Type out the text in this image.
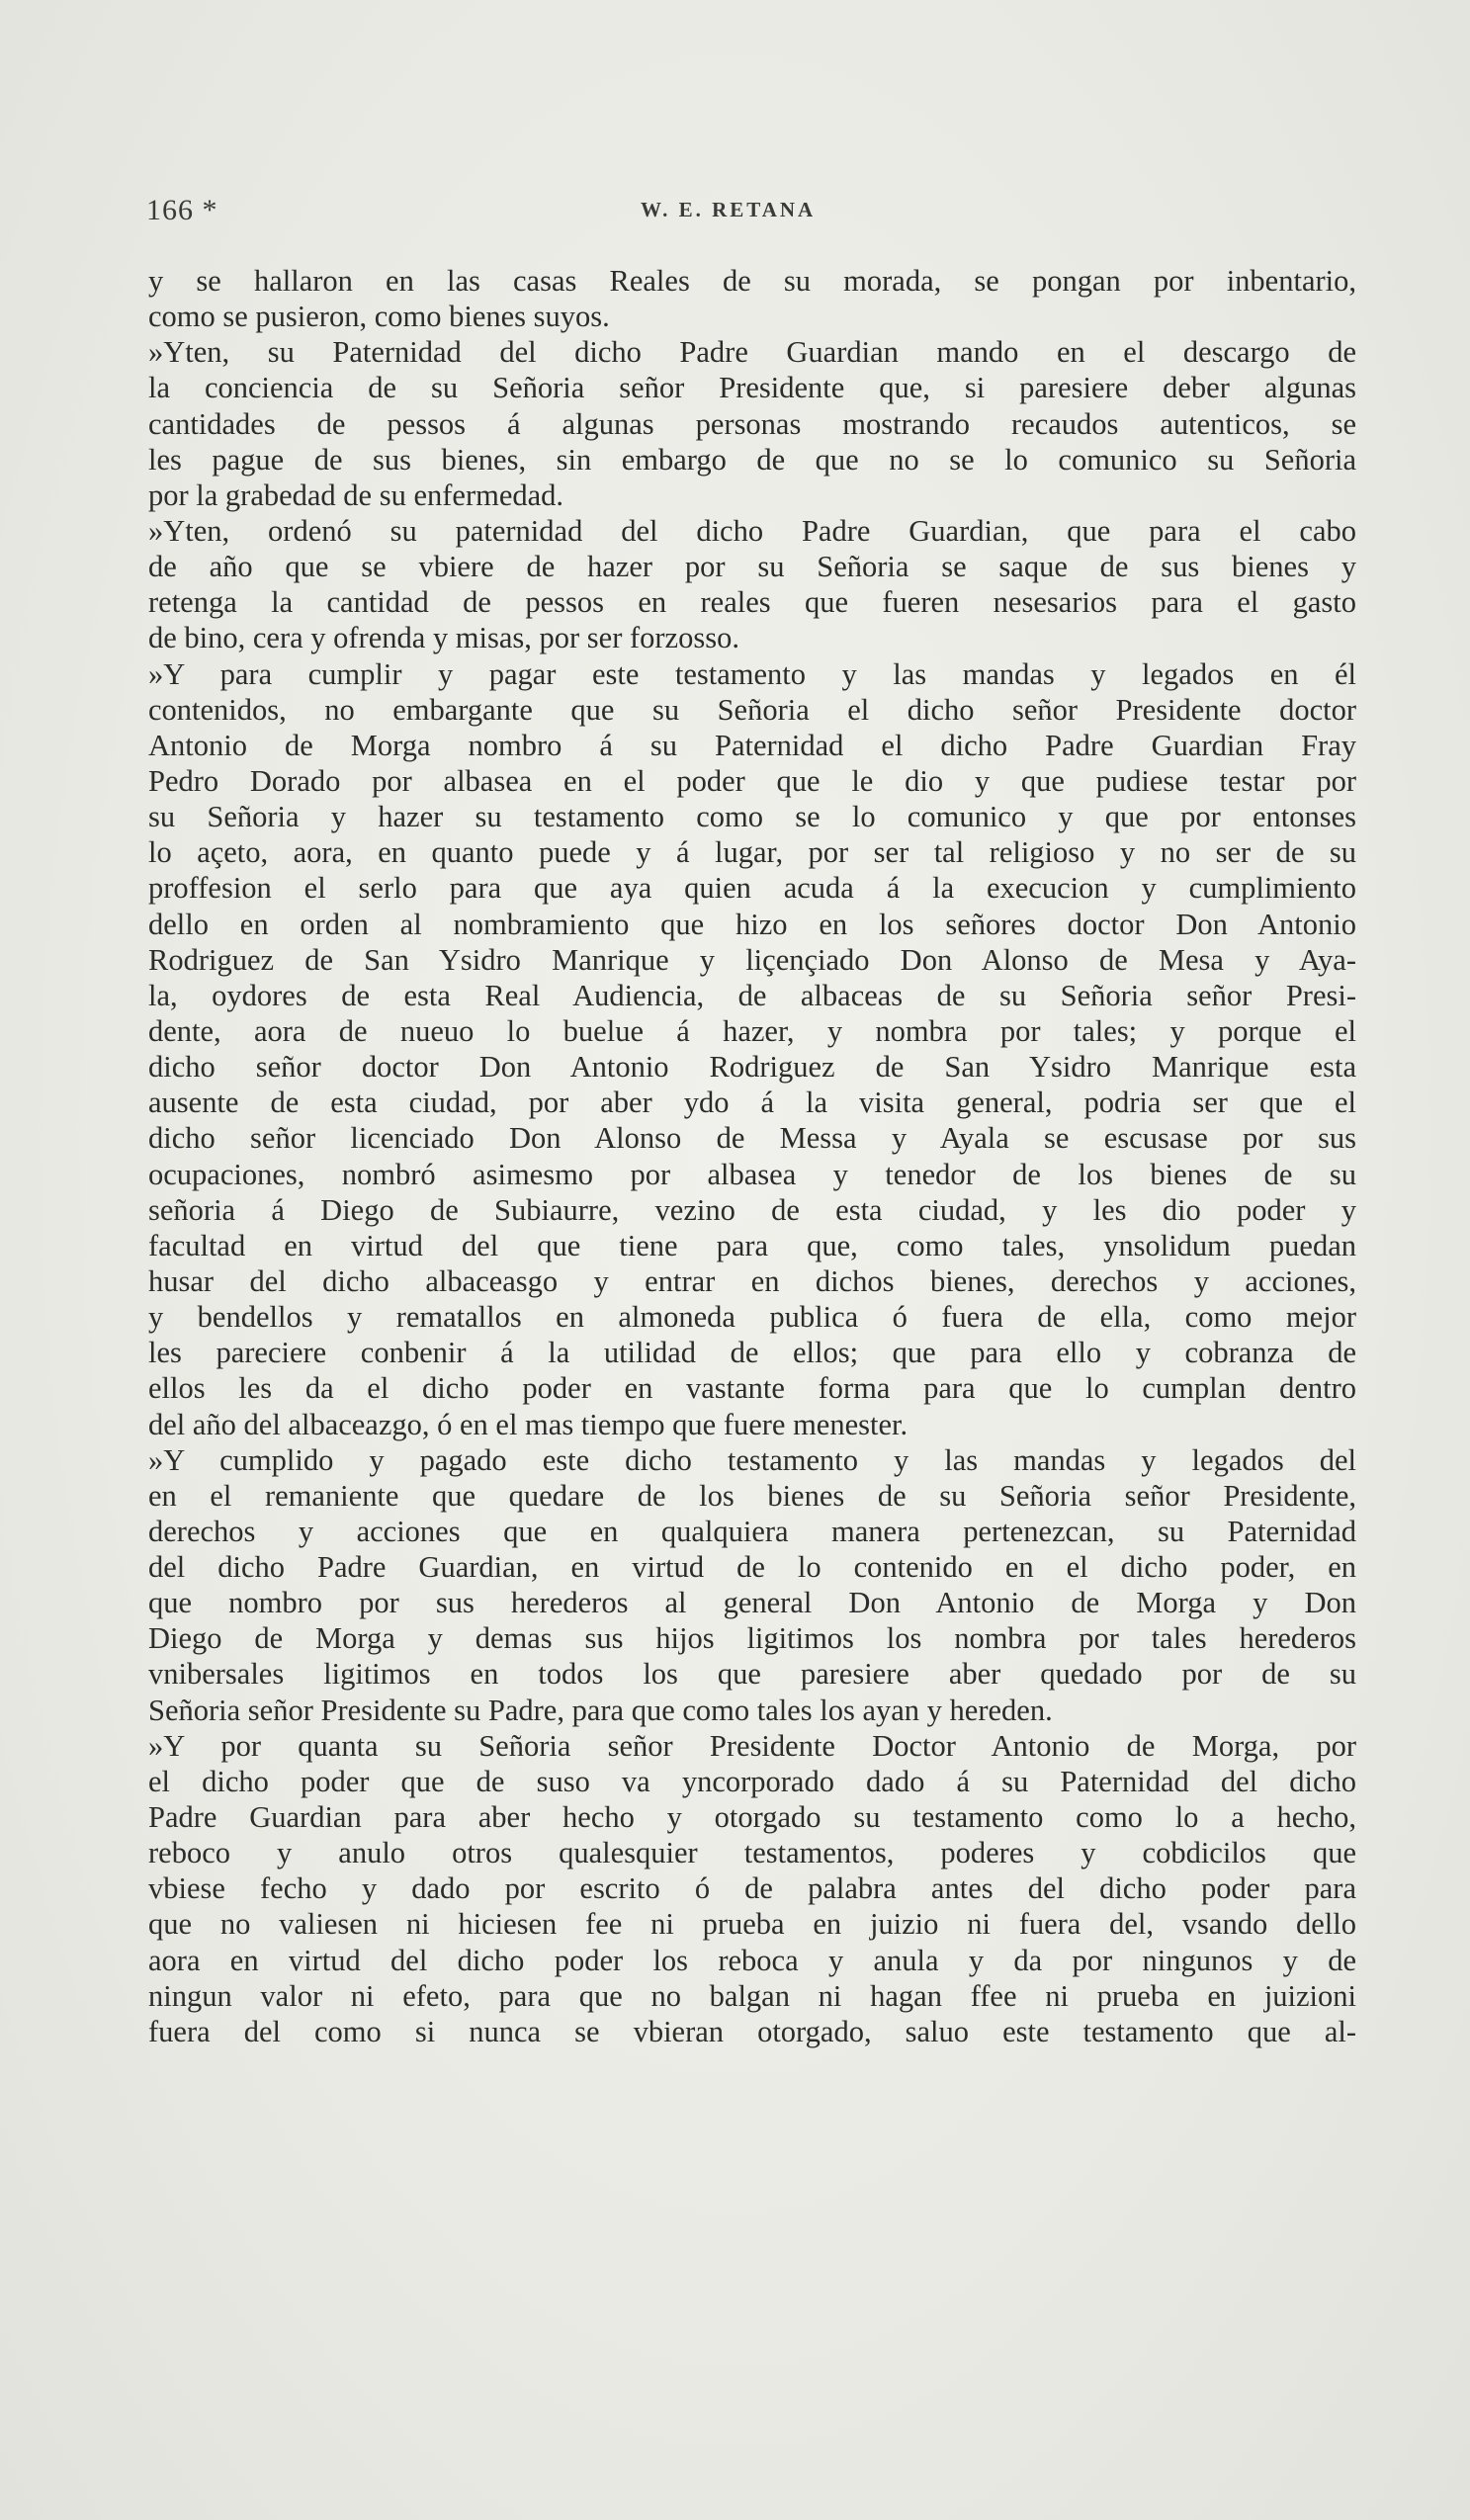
166 *	W. E. RETANA
y se hallaron en las casas Reales de su morada, se pongan por inbentario,
como se pusieron, como bienes suyos.
»Yten, su Paternidad del dicho Padre Guardian mando en el descargo de
la conciencia de su Señoria señor Presidente que, si paresiere deber algunas
cantidades de pessos á algunas personas mostrando recaudos autenticos, se
les pague de sus bienes, sin embargo de que no se lo comunico su Señoria
por la grabedad de su enfermedad.
»Yten, ordenó su paternidad del dicho Padre Guardian, que para el cabo
de año que se vbiere de hazer por su Señoria se saque de sus bienes y
retenga la cantidad de pessos en reales que fueren nesesarios para el gasto
de bino, cera y ofrenda y misas, por ser forzosso.
»Y para cumplir y pagar este testamento y las mandas y legados en él
contenidos, no embargante que su Señoria el dicho señor Presidente doctor
Antonio de Morga nombro á su Paternidad el dicho Padre Guardian Fray
Pedro Dorado por albasea en el poder que le dio y que pudiese testar por
su Señoria y hazer su testamento como se lo comunico y que por entonses
lo açeto, aora, en quanto puede y á lugar, por ser tal religioso y no ser de su
proffesion el serlo para que aya quien acuda á la execucion y cumplimiento
dello en orden al nombramiento que hizo en los señores doctor Don Antonio
Rodriguez de San Ysidro Manrique y liçençiado Don Alonso de Mesa y Aya-
la, oydores de esta Real Audiencia, de albaceas de su Señoria señor Presi-
dente, aora de nueuo lo buelue á hazer, y nombra por tales; y porque el
dicho señor doctor Don Antonio Rodriguez de San Ysidro Manrique esta
ausente de esta ciudad, por aber ydo á la visita general, podria ser que el
dicho señor licenciado Don Alonso de Messa y Ayala se escusase por sus
ocupaciones, nombró asimesmo por albasea y tenedor de los bienes de su
señoria á Diego de Subiaurre, vezino de esta ciudad, y les dio poder y
facultad en virtud del que tiene para que, como tales, ynsolidum puedan
husar del dicho albaceasgo y entrar en dichos bienes, derechos y acciones,
y bendellos y rematallos en almoneda publica ó fuera de ella, como mejor
les pareciere conbenir á la utilidad de ellos; que para ello y cobranza de
ellos les da el dicho poder en vastante forma para que lo cumplan dentro
del año del albaceazgo, ó en el mas tiempo que fuere menester.
»Y cumplido y pagado este dicho testamento y las mandas y legados del
en el remaniente que quedare de los bienes de su Señoria señor Presidente,
derechos y acciones que en qualquiera manera pertenezcan, su Paternidad
del dicho Padre Guardian, en virtud de lo contenido en el dicho poder, en
que nombro por sus herederos al general Don Antonio de Morga y Don
Diego de Morga y demas sus hijos ligitimos los nombra por tales herederos
vnibersales ligitimos en todos los que paresiere aber quedado por de su
Señoria señor Presidente su Padre, para que como tales los ayan y hereden.
»Y por quanta su Señoria señor Presidente Doctor Antonio de Morga, por
el dicho poder que de suso va yncorporado dado á su Paternidad del dicho
Padre Guardian para aber hecho y otorgado su testamento como lo a hecho,
reboco y anulo otros qualesquier testamentos, poderes y cobdicilos que
vbiese fecho y dado por escrito ó de palabra antes del dicho poder para
que no valiesen ni hiciesen fee ni prueba en juizio ni fuera del, vsando dello
aora en virtud del dicho poder los reboca y anula y da por ningunos y de
ningun valor ni efeto, para que no balgan ni hagan ffee ni prueba en juizioni
fuera del como si nunca se vbieran otorgado, saluo este testamento que al-
